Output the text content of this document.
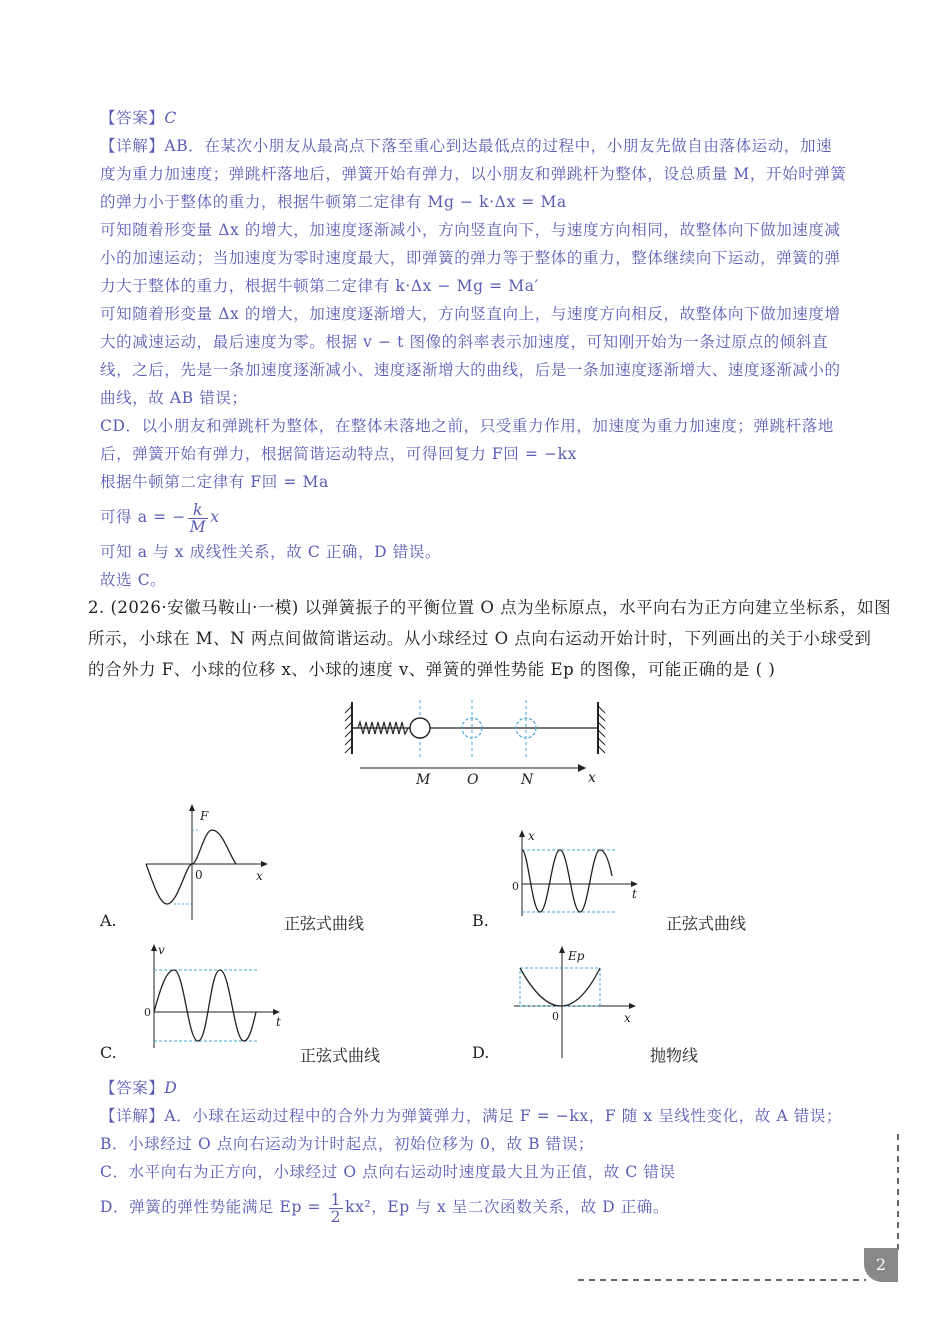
【答案】C
【详解】AB．在某次小朋友从最高点下落至重心到达最低点的过程中，小朋友先做自由落体运动，加速
度为重力加速度；弹跳杆落地后，弹簧开始有弹力，以小朋友和弹跳杆为整体，设总质量 M，开始时弹簧
的弹力小于整体的重力，根据牛顿第二定律有 Mg − k·Δx = Ma
可知随着形变量 Δx 的增大，加速度逐渐减小，方向竖直向下，与速度方向相同，故整体向下做加速度减
小的加速运动；当加速度为零时速度最大，即弹簧的弹力等于整体的重力，整体继续向下运动，弹簧的弹
力大于整体的重力，根据牛顿第二定律有 k·Δx − Mg = Ma′
可知随着形变量 Δx 的增大，加速度逐渐增大，方向竖直向上，与速度方向相反，故整体向下做加速度增
大的减速运动，最后速度为零。根据 v − t 图像的斜率表示加速度，可知刚开始为一条过原点的倾斜直
线，之后，先是一条加速度逐渐减小、速度逐渐增大的曲线，后是一条加速度逐渐增大、速度逐渐减小的
曲线，故 AB 错误；
CD．以小朋友和弹跳杆为整体，在整体未落地之前，只受重力作用，加速度为重力加速度；弹跳杆落地
后，弹簧开始有弹力，根据简谐运动特点，可得回复力 F回 = −kx
根据牛顿第二定律有 F回 = Ma
可得 a = − $\frac{k}{M}$ x
可知 a 与 x 成线性关系，故 C 正确，D 错误。
故选 C。
2. (2026·安徽马鞍山·一模) 以弹簧振子的平衡位置 O 点为坐标原点，水平向右为正方向建立坐标系，如图
所示，小球在 M、N 两点间做简谐运动。从小球经过 O 点向右运动开始计时，下列画出的关于小球受到
的合外力 F、小球的位移 x、小球的速度 v、弹簧的弹性势能 Ep 的图像，可能正确的是 ( )
M	O	N	x
F
x
0
A.	正弦式曲线
x
t
0
B.	正弦式曲线
v
t
0
C.	正弦式曲线
Ep
x
0
D.	抛物线
【答案】D
【详解】A．小球在运动过程中的合外力为弹簧弹力，满足 F = −kx，F 随 x 呈线性变化，故 A 错误；
B．小球经过 O 点向右运动为计时起点，初始位移为 0，故 B 错误；
C．水平向右为正方向，小球经过 O 点向右运动时速度最大且为正值，故 C 错误
D．弹簧的弹性势能满足 $Ep = \frac{1}{2} kx^2$，Ep 与 x 呈二次函数关系，故 D 正确。
2
